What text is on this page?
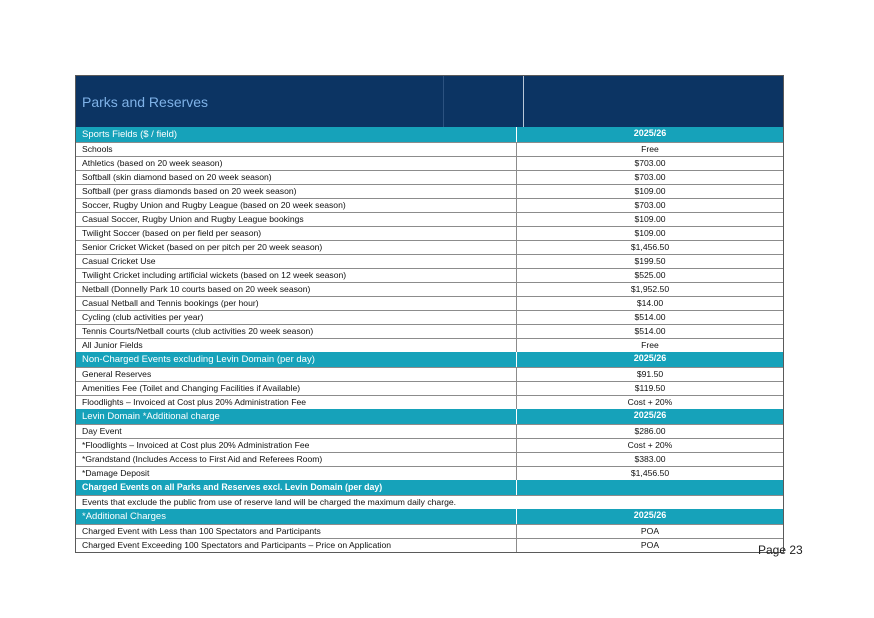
Parks and Reserves
Sports Fields ($ / field)	2025/26
Schools	Free
Athletics (based on 20 week season)	$703.00
Softball (skin diamond based on 20 week season)	$703.00
Softball (per grass diamonds based on 20 week season)	$109.00
Soccer, Rugby Union and Rugby League (based on 20 week season)	$703.00
Casual Soccer, Rugby Union and Rugby League bookings	$109.00
Twilight Soccer (based on per field per season)	$109.00
Senior Cricket Wicket (based on per pitch per 20 week season)	$1,456.50
Casual Cricket Use	$199.50
Twilight Cricket including artificial wickets (based on 12 week season)	$525.00
Netball (Donnelly Park 10 courts based on 20 week season)	$1,952.50
Casual Netball and Tennis bookings (per hour)	$14.00
Cycling (club activities per year)	$514.00
Tennis Courts/Netball courts (club activities 20 week season)	$514.00
All Junior Fields	Free
Non-Charged Events excluding Levin Domain (per day)	2025/26
General Reserves	$91.50
Amenities Fee (Toilet and Changing Facilities if Available)	$119.50
Floodlights – Invoiced at Cost plus 20% Administration Fee	Cost + 20%
Levin Domain *Additional charge	2025/26
Day Event	$286.00
*Floodlights – Invoiced at Cost plus 20% Administration Fee	Cost + 20%
*Grandstand (Includes Access to First Aid and Referees Room)	$383.00
*Damage Deposit	$1,456.50
Charged Events on all Parks and Reserves excl. Levin Domain (per day)
Events that exclude the public from use of reserve land will be charged the maximum daily charge.
*Additional Charges	2025/26
Charged Event with Less than 100 Spectators and Participants	POA
Charged Event Exceeding 100 Spectators and Participants – Price on Application	POA	Page 23
